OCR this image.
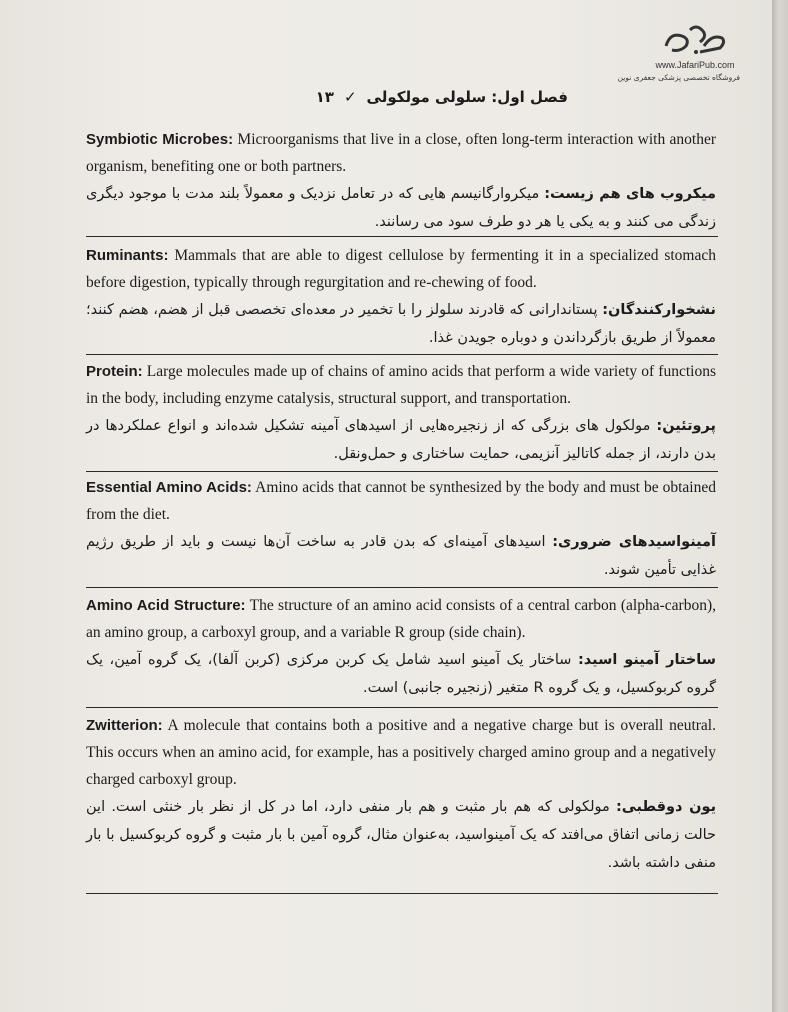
www.JafariPub.com
فروشگاه تخصصی پزشکی جعفری نوین
فصل اول: سلولی مولکولی
✓
۱۳

Symbiotic Microbes: Microorganisms that live in a close, often long-term interaction with another organism, benefiting one or both partners.

میکروب های هم زیست: میکروارگانیسم هایی که در تعامل نزدیک و معمولاً بلند مدت با موجود دیگری زندگی می کنند و به یکی یا هر دو طرف سود می رسانند.

Ruminants: Mammals that are able to digest cellulose by fermenting it in a specialized stomach before digestion, typically through regurgitation and re-chewing of food.

نشخوارکنندگان: پستاندارانی که قادرند سلولز را با تخمیر در معده‌ای تخصصی قبل از هضم، هضم کنند؛ معمولاً از طریق بازگرداندن و دوباره جویدن غذا.

Protein: Large molecules made up of chains of amino acids that perform a wide variety of functions in the body, including enzyme catalysis, structural support, and transportation.

پروتئین: مولکول های بزرگی که از زنجیره‌هایی از اسیدهای آمینه تشکیل شده‌اند و انواع عملکردها در بدن دارند، از جمله کاتالیز آنزیمی، حمایت ساختاری و حمل‌ونقل.

Essential Amino Acids: Amino acids that cannot be synthesized by the body and must be obtained from the diet.

آمینواسیدهای ضروری: اسیدهای آمینه‌ای که بدن قادر به ساخت آن‌ها نیست و باید از طریق رژیم غذایی تأمین شوند.

Amino Acid Structure: The structure of an amino acid consists of a central carbon (alpha-carbon), an amino group, a carboxyl group, and a variable R group (side chain).

ساختار آمینو اسید: ساختار یک آمینو اسید شامل یک کربن مرکزی (کربن آلفا)، یک گروه آمین، یک گروه کربوکسیل، و یک گروه R متغیر (زنجیره جانبی) است.

Zwitterion: A molecule that contains both a positive and a negative charge but is overall neutral. This occurs when an amino acid, for example, has a positively charged amino group and a negatively charged carboxyl group.

یون دوقطبی: مولکولی که هم بار مثبت و هم بار منفی دارد، اما در کل از نظر بار خنثی است. این حالت زمانی اتفاق می‌افتد که یک آمینواسید، به‌عنوان مثال، گروه آمین با بار مثبت و گروه کربوکسیل با بار منفی داشته باشد.
